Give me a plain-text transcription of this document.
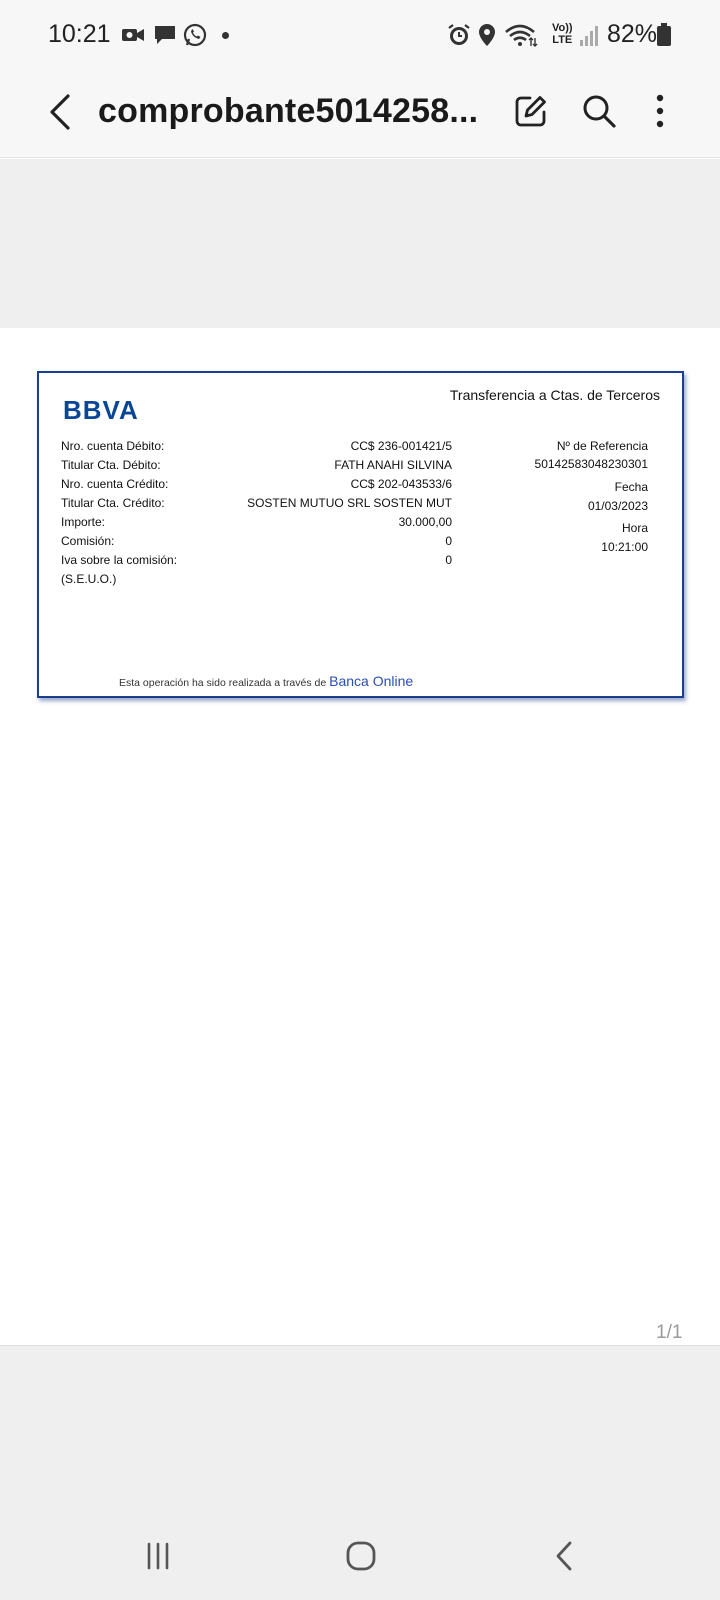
10:21	Vo))
LTE 82%
comprobante5014258...
BBVA	Transferencia a Ctas. de Terceros
Nro. cuenta Débito:	CC$ 236-001421/5
Titular Cta. Débito:	FATH ANAHI SILVINA
Nro. cuenta Crédito:	CC$ 202-043533/6
Titular Cta. Crédito:	SOSTEN MUTUO SRL SOSTEN MUT
Importe:	30.000,00
Comisión:	0
Iva sobre la comisión:	0
(S.E.U.O.)
Nº de Referencia
50142583048230301
Fecha
01/03/2023
Hora
10:21:00
Esta operación ha sido realizada a través de Banca Online
1/1
